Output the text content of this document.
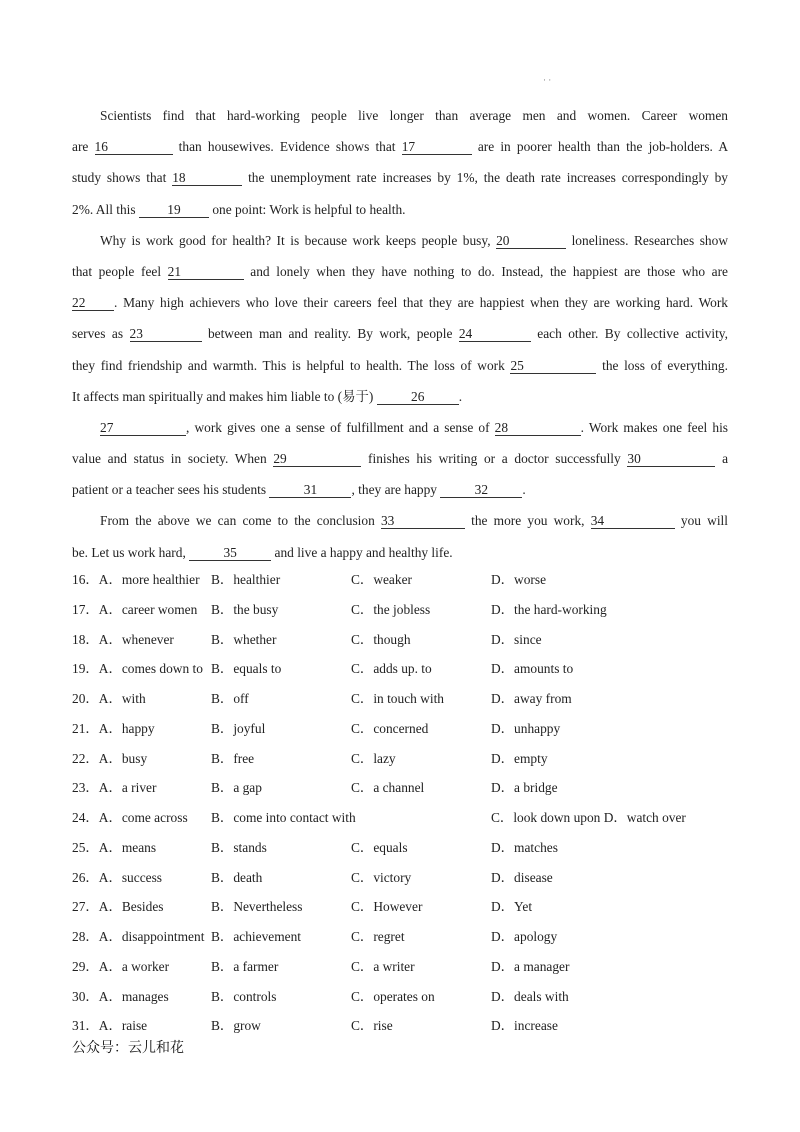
· ·
Scientists find that hard-working people live longer than average men and women. Career women
are 16	than housewives. Evidence shows that 17	are in poorer health than the job-holders. A
study shows that 18	the unemployment rate increases by 1%, the death rate increases correspondingly by
2%. All this 19 one point: Work is helpful to health.
Why is work good for health? It is because work keeps people busy, 20	loneliness. Researches show
that people feel 21	and lonely when they have nothing to do. Instead, the happiest are those who are
22 . Many high achievers who love their careers feel that they are happiest when they are working hard. Work
serves as 23	between man and reality. By work, people 24	each other. By collective activity,
they find friendship and warmth. This is helpful to health. The loss of work 25	the loss of everything.
It affects man spiritually and makes him liable to (易于)	26	.
27	, work gives one a sense of fulfillment and a sense of 28	. Work makes one feel his
value and status in society. When 29	finishes his writing or a doctor successfully 30	a
patient or a teacher sees his students	31	, they are happy	32	.
From the above we can come to the conclusion 33	the more you work, 34	you will
be. Let us work hard,	35	and live a happy and healthy life.
16．A．more healthier B．healthier	C．weaker	D．worse
17．A．career women B．the busy	C．the jobless	D．the hard-working
18．A．whenever	B．whether	C．though	D．since
19．A．comes down to B．equals to	C．adds up. to	D．amounts to
20．A．with	B．off	C．in touch with	D．away from
21．A．happy	B．joyful	C．concerned	D．unhappy
22．A．busy	B．free	C．lazy	D．empty
23．A．a river	B．a gap	C．a channel	D．a bridge
24．A．come across B．come into contact with	C．look down upon D．watch over
25．A．means	B．stands	C．equals	D．matches
26．A．success	B．death	C．victory	D．disease
27．A．Besides	B．Nevertheless	C．However	D．Yet
28．A．disappointment B．achievement	C．regret	D．apology
29．A．a worker	B．a farmer	C．a writer	D．a manager
30．A．manages	B．controls	C．operates on	D．deals with
31．A．raise	B．grow	C．rise	D．increase
公众号：云儿和花
